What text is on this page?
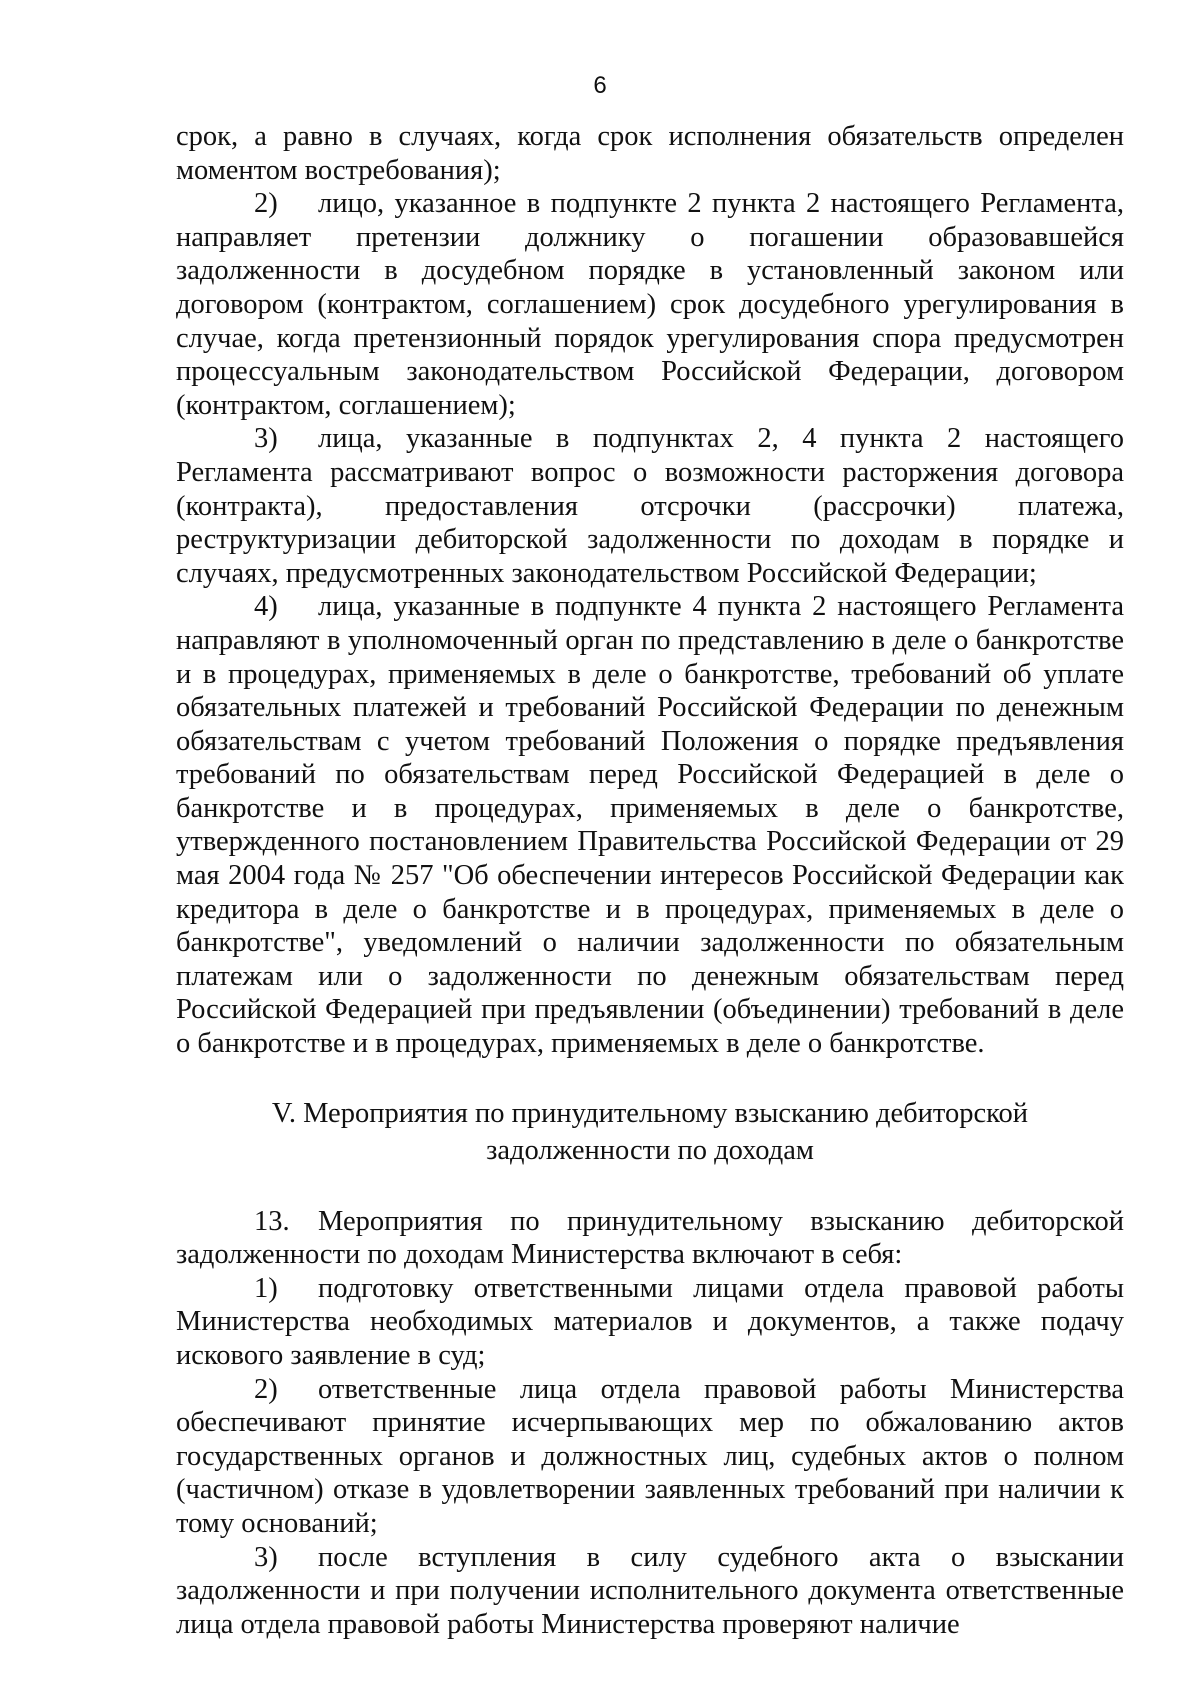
6

срок, а равно в случаях, когда срок исполнения обязательств определен моментом востребования);

2) лицо, указанное в подпункте 2 пункта 2 настоящего Регламента, направляет претензии должнику о погашении образовавшейся задолженности в досудебном порядке в установленный законом или договором (контрактом, соглашением) срок досудебного урегулирования в случае, когда претензионный порядок урегулирования спора предусмотрен процессуальным законодательством Российской Федерации, договором (контрактом, соглашением);

3) лица, указанные в подпунктах 2, 4 пункта 2 настоящего Регламента рассматривают вопрос о возможности расторжения договора (контракта), предоставления отсрочки (рассрочки) платежа, реструктуризации дебиторской задолженности по доходам в порядке и случаях, предусмотренных законодательством Российской Федерации;

4) лица, указанные в подпункте 4 пункта 2 настоящего Регламента направляют в уполномоченный орган по представлению в деле о банкротстве и в процедурах, применяемых в деле о банкротстве, требований об уплате обязательных платежей и требований Российской Федерации по денежным обязательствам с учетом требований Положения о порядке предъявления требований по обязательствам перед Российской Федерацией в деле о банкротстве и в процедурах, применяемых в деле о банкротстве, утвержденного постановлением Правительства Российской Федерации от 29 мая 2004 года № 257 "Об обеспечении интересов Российской Федерации как кредитора в деле о банкротстве и в процедурах, применяемых в деле о банкротстве", уведомлений о наличии задолженности по обязательным платежам или о задолженности по денежным обязательствам перед Российской Федерацией при предъявлении (объединении) требований в деле о банкротстве и в процедурах, применяемых в деле о банкротстве.

V. Мероприятия по принудительному взысканию дебиторской
задолженности по доходам

13. Мероприятия по принудительному взысканию дебиторской задолженности по доходам Министерства включают в себя:

1) подготовку ответственными лицами отдела правовой работы Министерства необходимых материалов и документов, а также подачу искового заявление в суд;

2) ответственные лица отдела правовой работы Министерства обеспечивают принятие исчерпывающих мер по обжалованию актов государственных органов и должностных лиц, судебных актов о полном (частичном) отказе в удовлетворении заявленных требований при наличии к тому оснований;

3) после вступления в силу судебного акта о взыскании задолженности и при получении исполнительного документа ответственные лица отдела правовой работы Министерства проверяют наличие
